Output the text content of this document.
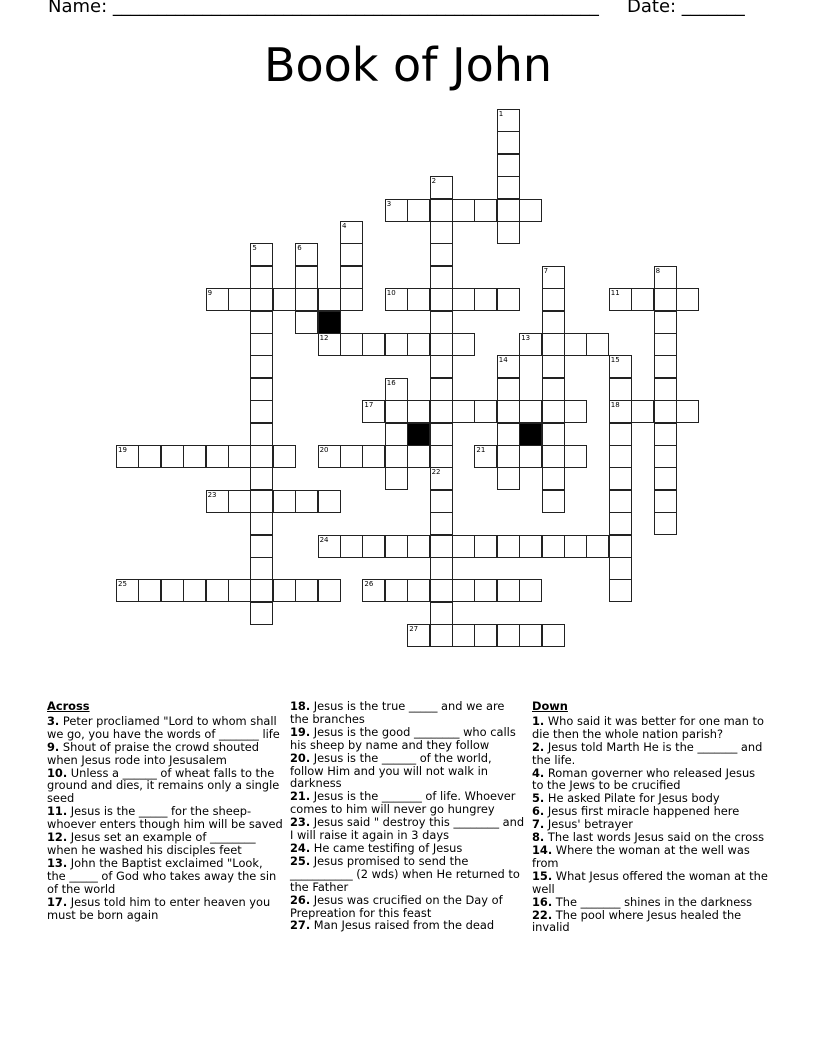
Name: ______________________________________________________ Date: _______
Book of John
3
9	10	11
12	13
17	18
19	20	21
23
24
25	26
27
1
2
22
4
5	6
7	8
14	15
16
Across
3. Peter procliamed "Lord to whom shall we go, you have the words of _______ life
9. Shout of praise the crowd shouted when Jesus rode into Jesusalem
10. Unless a ______ of wheat falls to the ground and dies, it remains only a single seed
11. Jesus is the _____ for the sheep-whoever enters though him will be saved
12. Jesus set an example of ________ when he washed his disciples feet
13. John the Baptist exclaimed "Look, the _____ of God who takes away the sin of the world
17. Jesus told him to enter heaven you must be born again
18. Jesus is the true _____ and we are the branches
19. Jesus is the good ________ who calls his sheep by name and they follow
20. Jesus is the ______ of the world, follow Him and you will not walk in darkness
21. Jesus is the _______ of life. Whoever comes to him will never go hungrey
23. Jesus said " destroy this ________ and I will raise it again in 3 days
24. He came testifing of Jesus
25. Jesus promised to send the ___________ (2 wds) when He returned to the Father
26. Jesus was crucified on the Day of Prepreation for this feast
27. Man Jesus raised from the dead
Down
1. Who said it was better for one man to die then the whole nation parish?
2. Jesus told Marth He is the _______ and the life.
4. Roman governer who released Jesus to the Jews to be crucified
5. He asked Pilate for Jesus body
6. Jesus first miracle happened here
7. Jesus' betrayer
8. The last words Jesus said on the cross
14. Where the woman at the well was from
15. What Jesus offered the woman at the well
16. The _______ shines in the darkness
22. The pool where Jesus healed the invalid
